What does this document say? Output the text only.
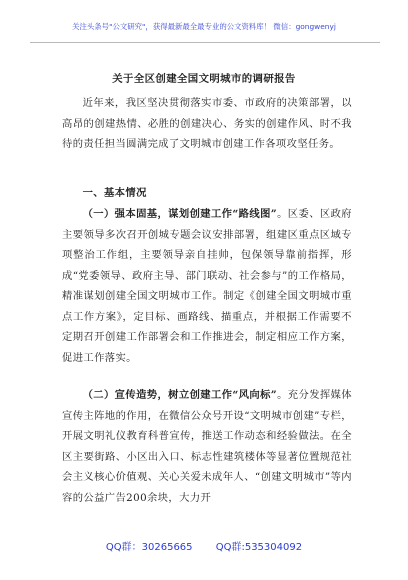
关注头条号"公文研究"，获得最新最全最专业的公文资料库！ 微信：gongwenyj
关于全区创建全国文明城市的调研报告

近年来，我区坚决贯彻落实市委、市政府的决策部署，以高昂的创建热情、必胜的创建决心、务实的创建作风、时不我待的责任担当圆满完成了文明城市创建工作各项攻坚任务。

一、基本情况

（一）强本固基，谋划创建工作“路线图”。区委、区政府主要领导多次召开创城专题会议安排部署，组建区重点区域专项整治工作组，主要领导亲自挂帅，包保领导靠前指挥，形成“党委领导、政府主导、部门联动、社会参与”的工作格局，精准谋划创建全国文明城市工作。制定《创建全国文明城市重点工作方案》，定目标、画路线、描重点，并根据工作需要不定期召开创建工作部署会和工作推进会，制定相应工作方案，促进工作落实。

（二）宣传造势，树立创建工作“风向标”。充分发挥媒体宣传主阵地的作用，在微信公众号开设“文明城市创建”专栏，开展文明礼仪教育科普宣传，推送工作动态和经验做法。在全区主要街路、小区出入口、标志性建筑楼体等显著位置规范社会主义核心价值观、关心关爱未成年人、“创建文明城市”等内容的公益广告200余块，大力开

QQ群：30265665 QQ群:535304092
